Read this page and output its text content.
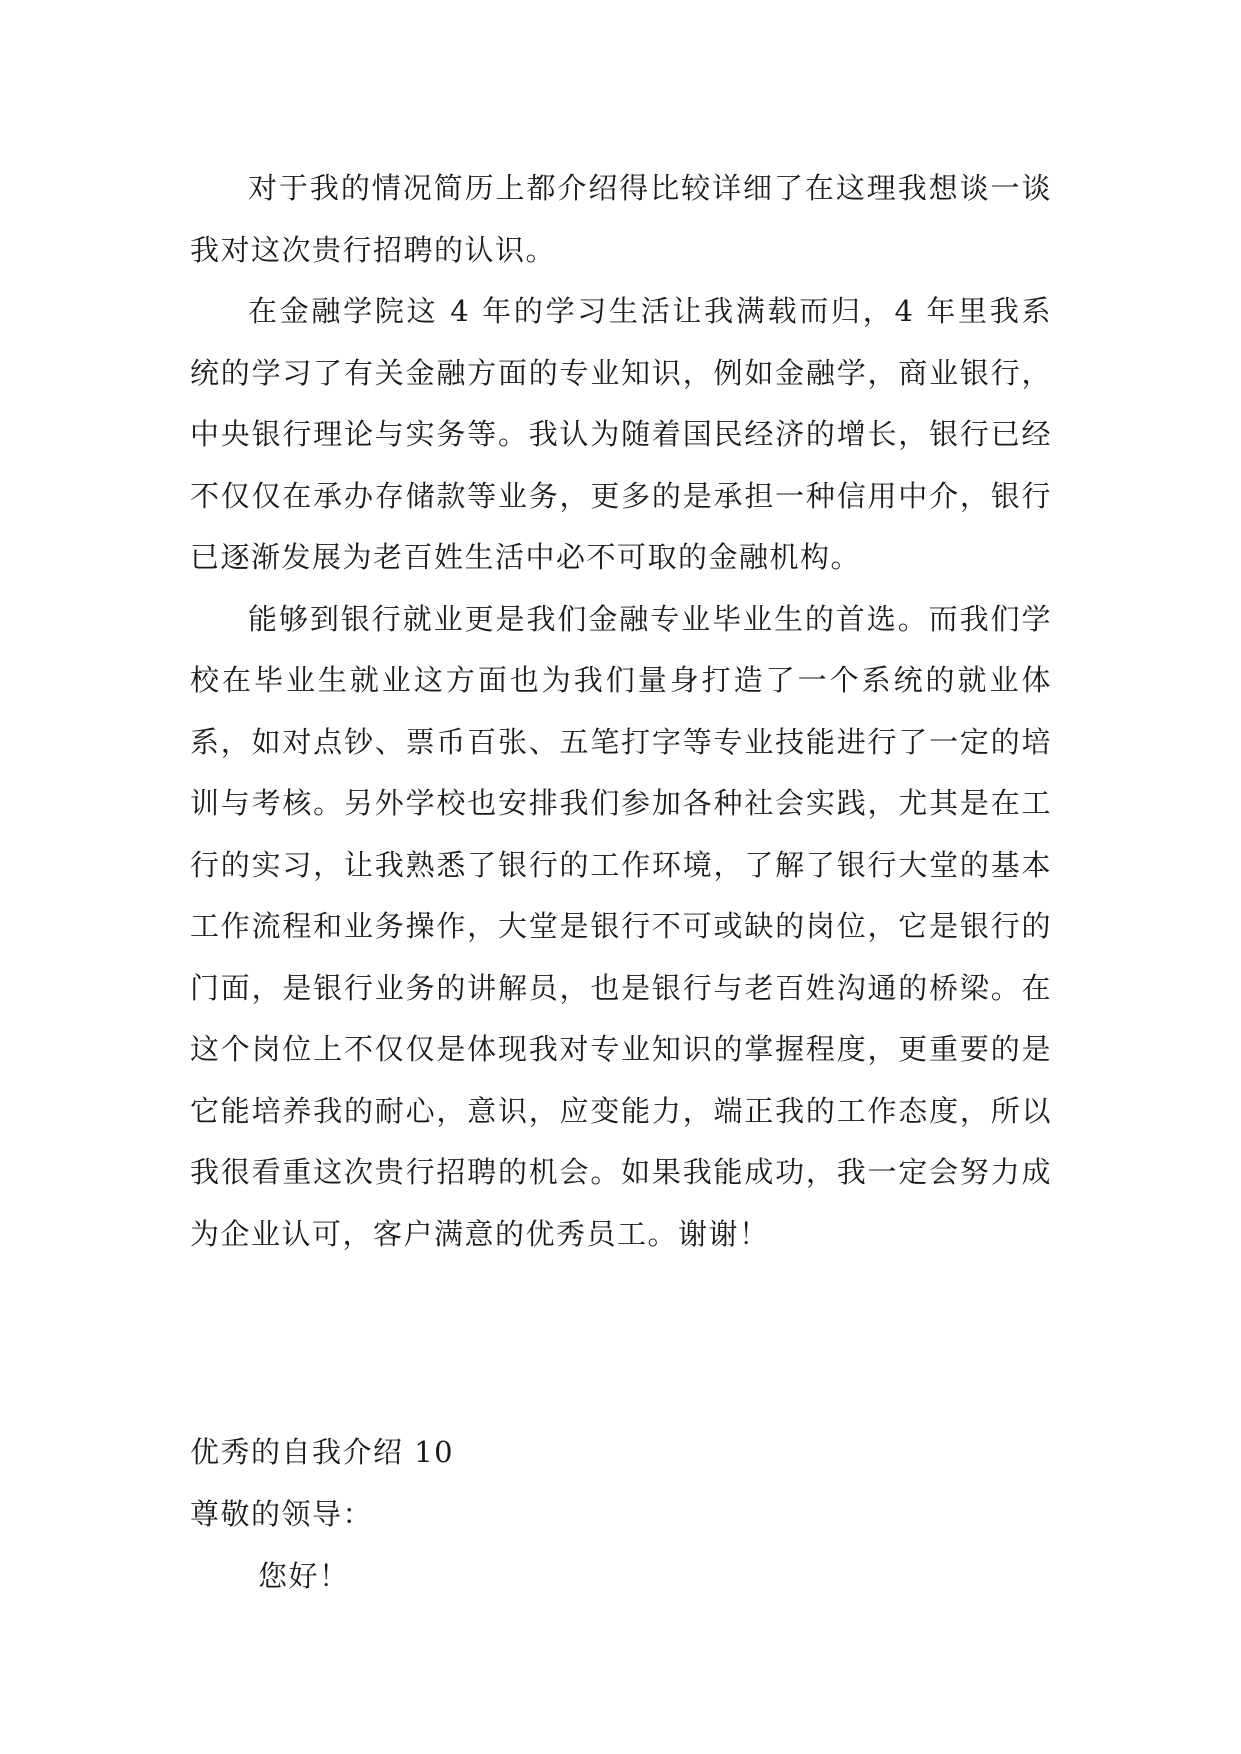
对于我的情况简历上都介绍得比较详细了在这理我想谈一谈我对这次贵行招聘的认识。

在金融学院这 4 年的学习生活让我满载而归，4 年里我系统的学习了有关金融方面的专业知识，例如金融学，商业银行，中央银行理论与实务等。我认为随着国民经济的增长，银行已经不仅仅在承办存储款等业务，更多的是承担一种信用中介，银行已逐渐发展为老百姓生活中必不可取的金融机构。

能够到银行就业更是我们金融专业毕业生的首选。而我们学校在毕业生就业这方面也为我们量身打造了一个系统的就业体系，如对点钞、票币百张、五笔打字等专业技能进行了一定的培训与考核。另外学校也安排我们参加各种社会实践，尤其是在工行的实习，让我熟悉了银行的工作环境，了解了银行大堂的基本工作流程和业务操作，大堂是银行不可或缺的岗位，它是银行的门面，是银行业务的讲解员，也是银行与老百姓沟通的桥梁。在这个岗位上不仅仅是体现我对专业知识的掌握程度，更重要的是它能培养我的耐心，意识，应变能力，端正我的工作态度，所以我很看重这次贵行招聘的机会。如果我能成功，我一定会努力成为企业认可，客户满意的优秀员工。谢谢！

优秀的自我介绍 10
尊敬的领导：
您好！
